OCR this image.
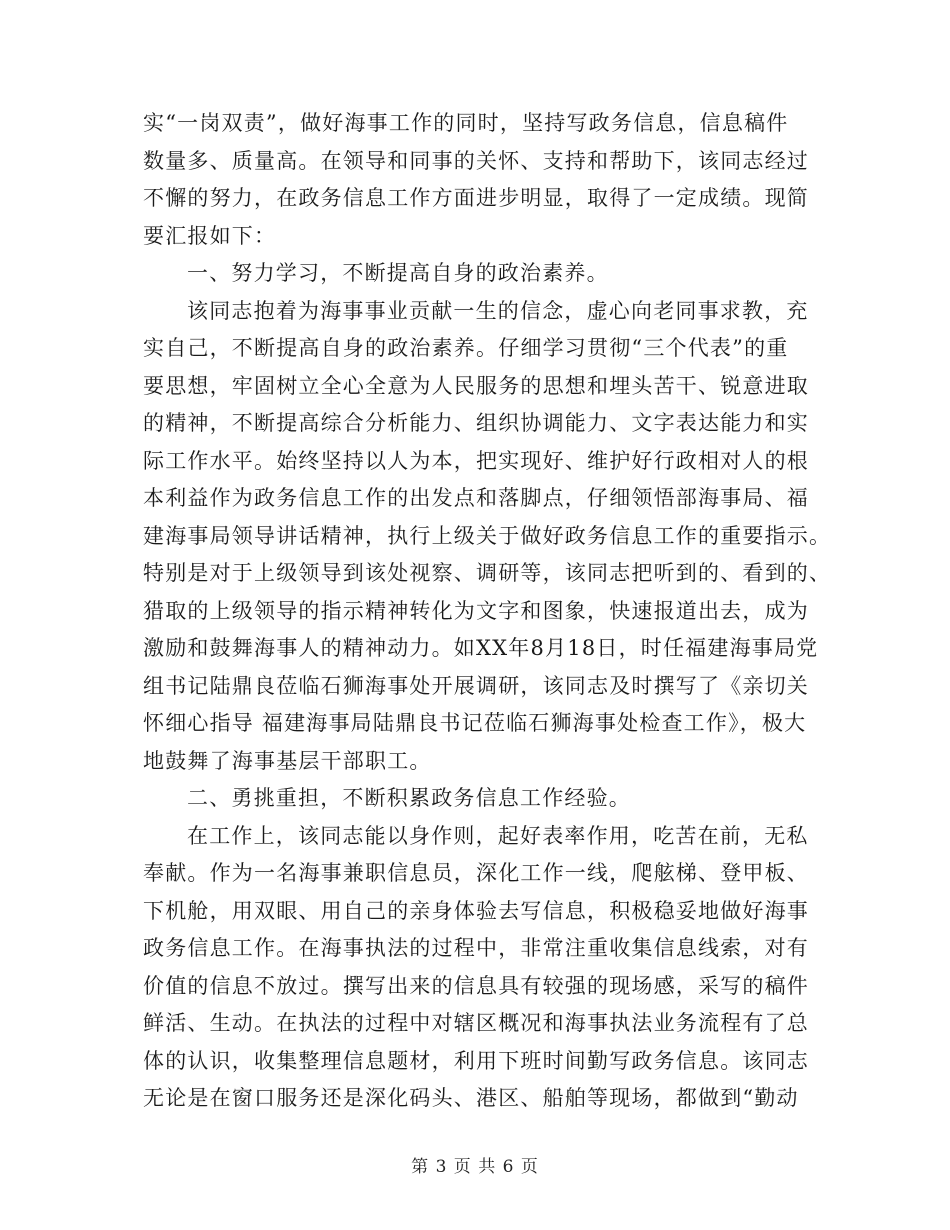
实“一岗双责”，做好海事工作的同时，坚持写政务信息，信息稿件
数量多、质量高。在领导和同事的关怀、支持和帮助下，该同志经过
不懈的努力，在政务信息工作方面进步明显，取得了一定成绩。现简
要汇报如下：
一、努力学习，不断提高自身的政治素养。
该同志抱着为海事事业贡献一生的信念，虚心向老同事求教，充
实自己，不断提高自身的政治素养。仔细学习贯彻“三个代表”的重
要思想，牢固树立全心全意为人民服务的思想和埋头苦干、锐意进取
的精神，不断提高综合分析能力、组织协调能力、文字表达能力和实
际工作水平。始终坚持以人为本，把实现好、维护好行政相对人的根
本利益作为政务信息工作的出发点和落脚点，仔细领悟部海事局、福
建海事局领导讲话精神，执行上级关于做好政务信息工作的重要指示。
特别是对于上级领导到该处视察、调研等，该同志把听到的、看到的、
猎取的上级领导的指示精神转化为文字和图象，快速报道出去，成为
激励和鼓舞海事人的精神动力。如XX年8月18日，时任福建海事局党
组书记陆鼎良莅临石狮海事处开展调研，该同志及时撰写了《亲切关
怀细心指导 福建海事局陆鼎良书记莅临石狮海事处检查工作》，极大
地鼓舞了海事基层干部职工。
二、勇挑重担，不断积累政务信息工作经验。
在工作上，该同志能以身作则，起好表率作用，吃苦在前，无私
奉献。作为一名海事兼职信息员，深化工作一线，爬舷梯、登甲板、
下机舱，用双眼、用自己的亲身体验去写信息，积极稳妥地做好海事
政务信息工作。在海事执法的过程中，非常注重收集信息线索，对有
价值的信息不放过。撰写出来的信息具有较强的现场感，采写的稿件
鲜活、生动。在执法的过程中对辖区概况和海事执法业务流程有了总
体的认识，收集整理信息题材，利用下班时间勤写政务信息。该同志
无论是在窗口服务还是深化码头、港区、船舶等现场，都做到“勤动
第 3 页 共 6 页
